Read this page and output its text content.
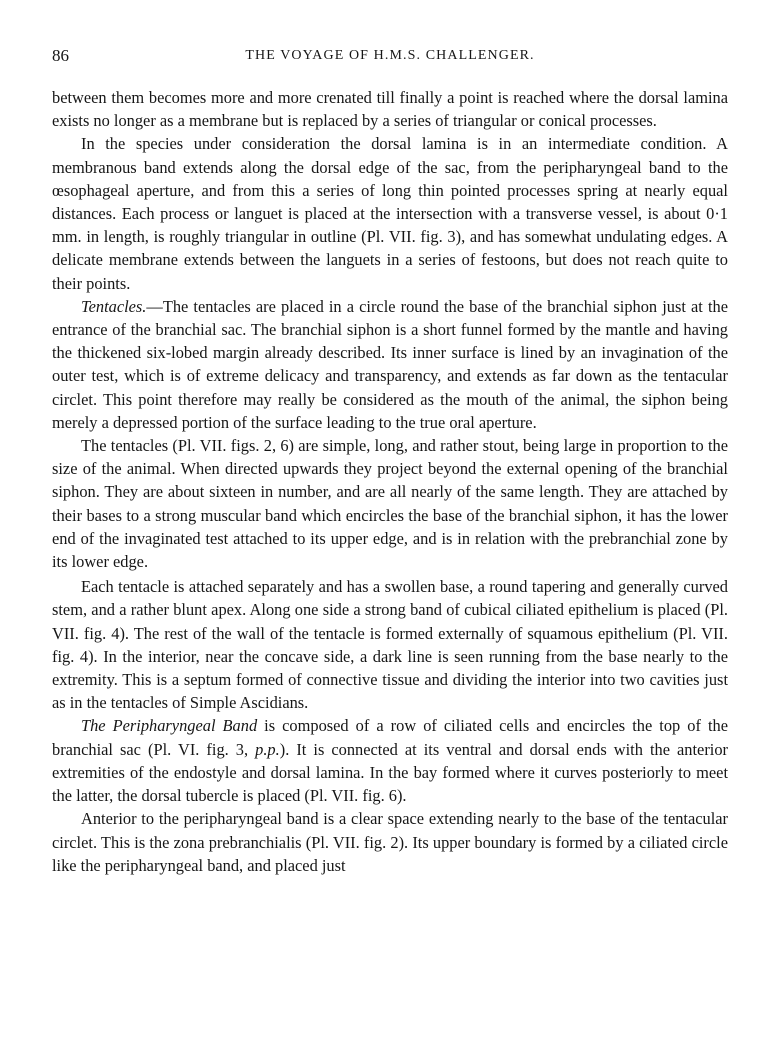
86	THE VOYAGE OF H.M.S. CHALLENGER.

between them becomes more and more crenated till finally a point is reached where the dorsal lamina exists no longer as a membrane but is replaced by a series of triangular or conical processes.

In the species under consideration the dorsal lamina is in an intermediate condition. A membranous band extends along the dorsal edge of the sac, from the peripharyngeal band to the œsophageal aperture, and from this a series of long thin pointed processes spring at nearly equal distances. Each process or languet is placed at the intersection with a transverse vessel, is about 0·1 mm. in length, is roughly triangular in outline (Pl. VII. fig. 3), and has somewhat undulating edges. A delicate membrane extends between the languets in a series of festoons, but does not reach quite to their points.

Tentacles.—The tentacles are placed in a circle round the base of the branchial siphon just at the entrance of the branchial sac. The branchial siphon is a short funnel formed by the mantle and having the thickened six-lobed margin already described. Its inner surface is lined by an invagination of the outer test, which is of extreme delicacy and transparency, and extends as far down as the tentacular circlet. This point therefore may really be considered as the mouth of the animal, the siphon being merely a depressed portion of the surface leading to the true oral aperture.

The tentacles (Pl. VII. figs. 2, 6) are simple, long, and rather stout, being large in proportion to the size of the animal. When directed upwards they project beyond the external opening of the branchial siphon. They are about sixteen in number, and are all nearly of the same length. They are attached by their bases to a strong muscular band which encircles the base of the branchial siphon, it has the lower end of the invaginated test attached to its upper edge, and is in relation with the prebranchial zone by its lower edge.

Each tentacle is attached separately and has a swollen base, a round tapering and generally curved stem, and a rather blunt apex. Along one side a strong band of cubical ciliated epithelium is placed (Pl. VII. fig. 4). The rest of the wall of the tentacle is formed externally of squamous epithelium (Pl. VII. fig. 4). In the interior, near the concave side, a dark line is seen running from the base nearly to the extremity. This is a septum formed of connective tissue and dividing the interior into two cavities just as in the tentacles of Simple Ascidians.

The Peripharyngeal Band is composed of a row of ciliated cells and encircles the top of the branchial sac (Pl. VI. fig. 3, p.p.). It is connected at its ventral and dorsal ends with the anterior extremities of the endostyle and dorsal lamina. In the bay formed where it curves posteriorly to meet the latter, the dorsal tubercle is placed (Pl. VII. fig. 6).

Anterior to the peripharyngeal band is a clear space extending nearly to the base of the tentacular circlet. This is the zona prebranchialis (Pl. VII. fig. 2). Its upper boundary is formed by a ciliated circle like the peripharyngeal band, and placed just
